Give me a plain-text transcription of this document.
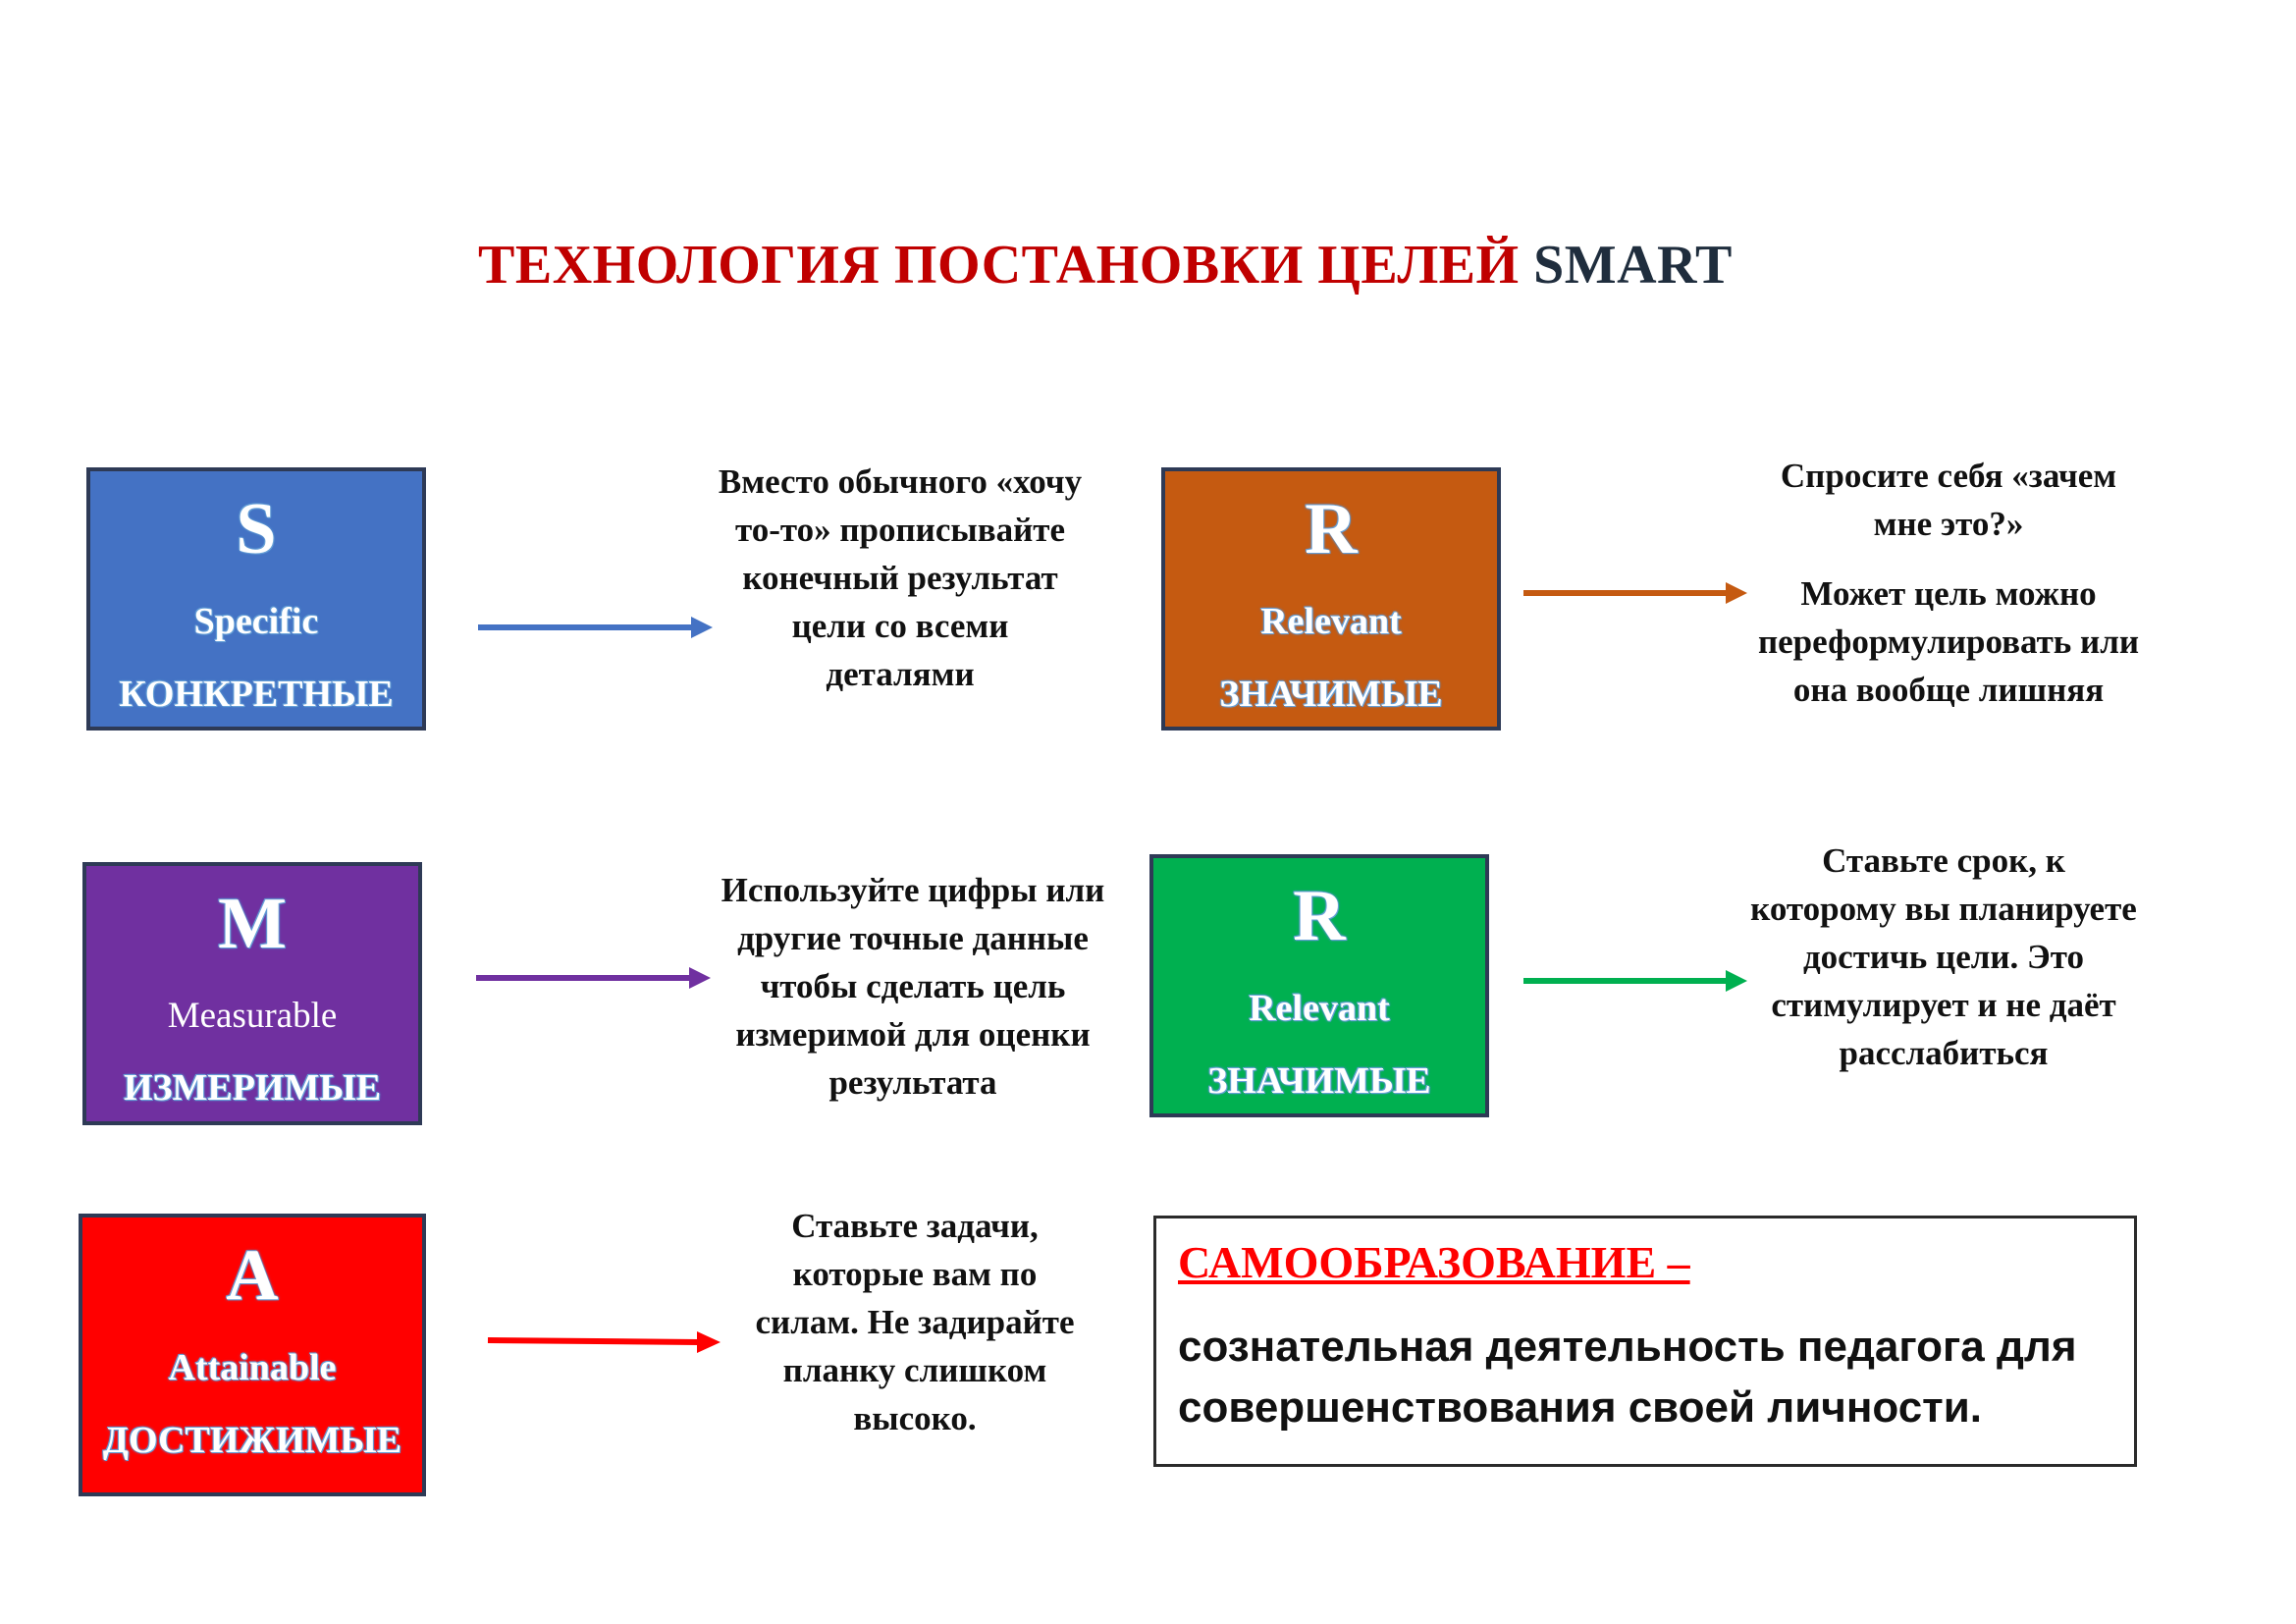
ТЕХНОЛОГИЯ ПОСТАНОВКИ ЦЕЛЕЙ SMART
S
Specific
КОНКРЕТНЫЕ
M
Measurable
ИЗМЕРИМЫЕ
A
Attainable
ДОСТИЖИМЫЕ
R
Relevant
ЗНАЧИМЫЕ
R
Relevant
ЗНАЧИМЫЕ

Вместо обычного «хочу то-то» прописывайте конечный результат цели со всеми деталями

Используйте цифры или другие точные данные чтобы сделать цель измеримой для оценки результата

Ставьте задачи, которые вам по силам. Не задирайте планку слишком высоко.

Спросите себя «зачем мне это?»

Может цель можно переформулировать или она вообще лишняя

Ставьте срок, к которому вы планируете достичь цели. Это стимулирует и не даёт расслабиться

САМООБРАЗОВАНИЕ –
сознательная деятельность педагога для совершенствования своей личности.
